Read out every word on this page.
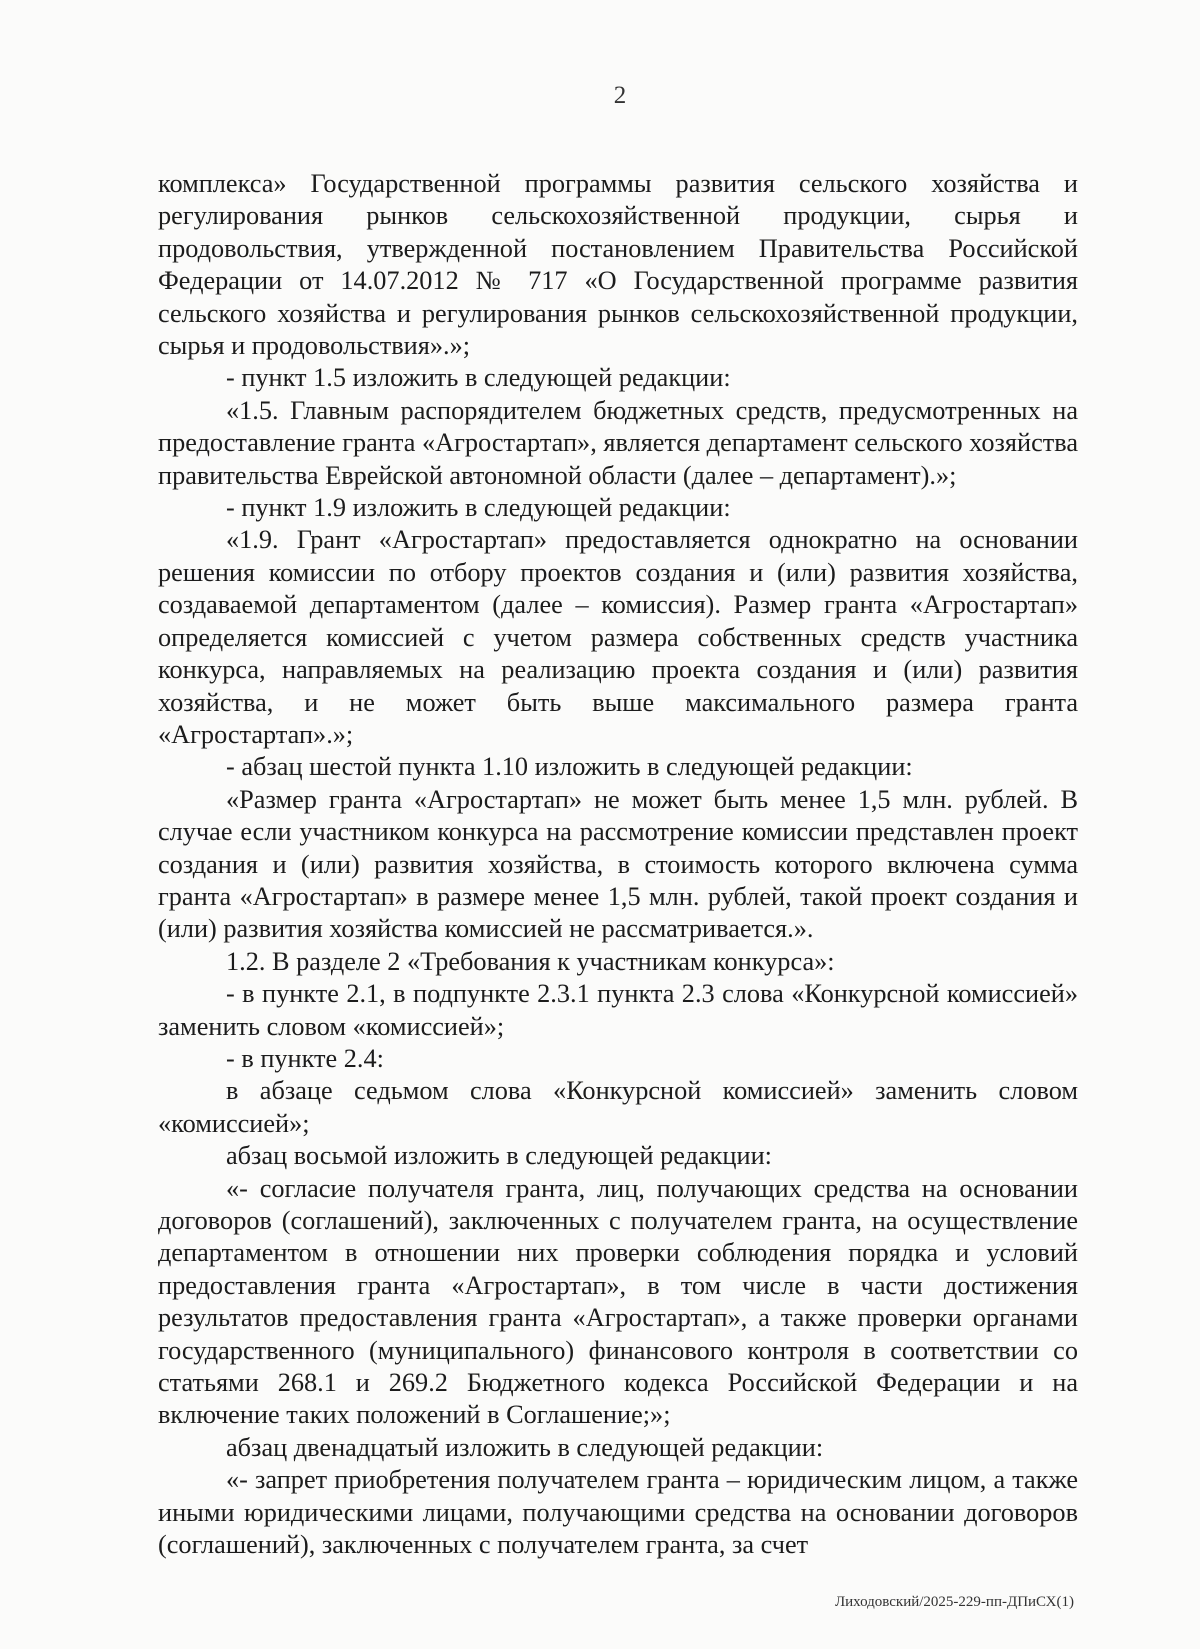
2

комплекса» Государственной программы развития сельского хозяйства и регулирования рынков сельскохозяйственной продукции, сырья и продовольствия, утвержденной постановлением Правительства Российской Федерации от 14.07.2012 № 717 «О Государственной программе развития сельского хозяйства и регулирования рынков сельскохозяйственной продукции, сырья и продовольствия».»;

- пункт 1.5 изложить в следующей редакции:

«1.5. Главным распорядителем бюджетных средств, предусмотренных на предоставление гранта «Агростартап», является департамент сельского хозяйства правительства Еврейской автономной области (далее – департамент).»;

- пункт 1.9 изложить в следующей редакции:

«1.9. Грант «Агростартап» предоставляется однократно на основании решения комиссии по отбору проектов создания и (или) развития хозяйства, создаваемой департаментом (далее – комиссия). Размер гранта «Агростартап» определяется комиссией с учетом размера собственных средств участника конкурса, направляемых на реализацию проекта создания и (или) развития хозяйства, и не может быть выше максимального размера гранта «Агростартап».»;

- абзац шестой пункта 1.10 изложить в следующей редакции:

«Размер гранта «Агростартап» не может быть менее 1,5 млн. рублей. В случае если участником конкурса на рассмотрение комиссии представлен проект создания и (или) развития хозяйства, в стоимость которого включена сумма гранта «Агростартап» в размере менее 1,5 млн. рублей, такой проект создания и (или) развития хозяйства комиссией не рассматривается.».

1.2. В разделе 2 «Требования к участникам конкурса»:

- в пункте 2.1, в подпункте 2.3.1 пункта 2.3 слова «Конкурсной комиссией» заменить словом «комиссией»;

- в пункте 2.4:

в абзаце седьмом слова «Конкурсной комиссией» заменить словом «комиссией»;

абзац восьмой изложить в следующей редакции:

«- согласие получателя гранта, лиц, получающих средства на основании договоров (соглашений), заключенных с получателем гранта, на осуществление департаментом в отношении них проверки соблюдения порядка и условий предоставления гранта «Агростартап», в том числе в части достижения результатов предоставления гранта «Агростартап», а также проверки органами государственного (муниципального) финансового контроля в соответствии со статьями 268.1 и 269.2 Бюджетного кодекса Российской Федерации и на включение таких положений в Соглашение;»;

абзац двенадцатый изложить в следующей редакции:

«- запрет приобретения получателем гранта – юридическим лицом, а также иными юридическими лицами, получающими средства на основании договоров (соглашений), заключенных с получателем гранта, за счет

Лиходовский/2025-229-пп-ДПиСХ(1)
